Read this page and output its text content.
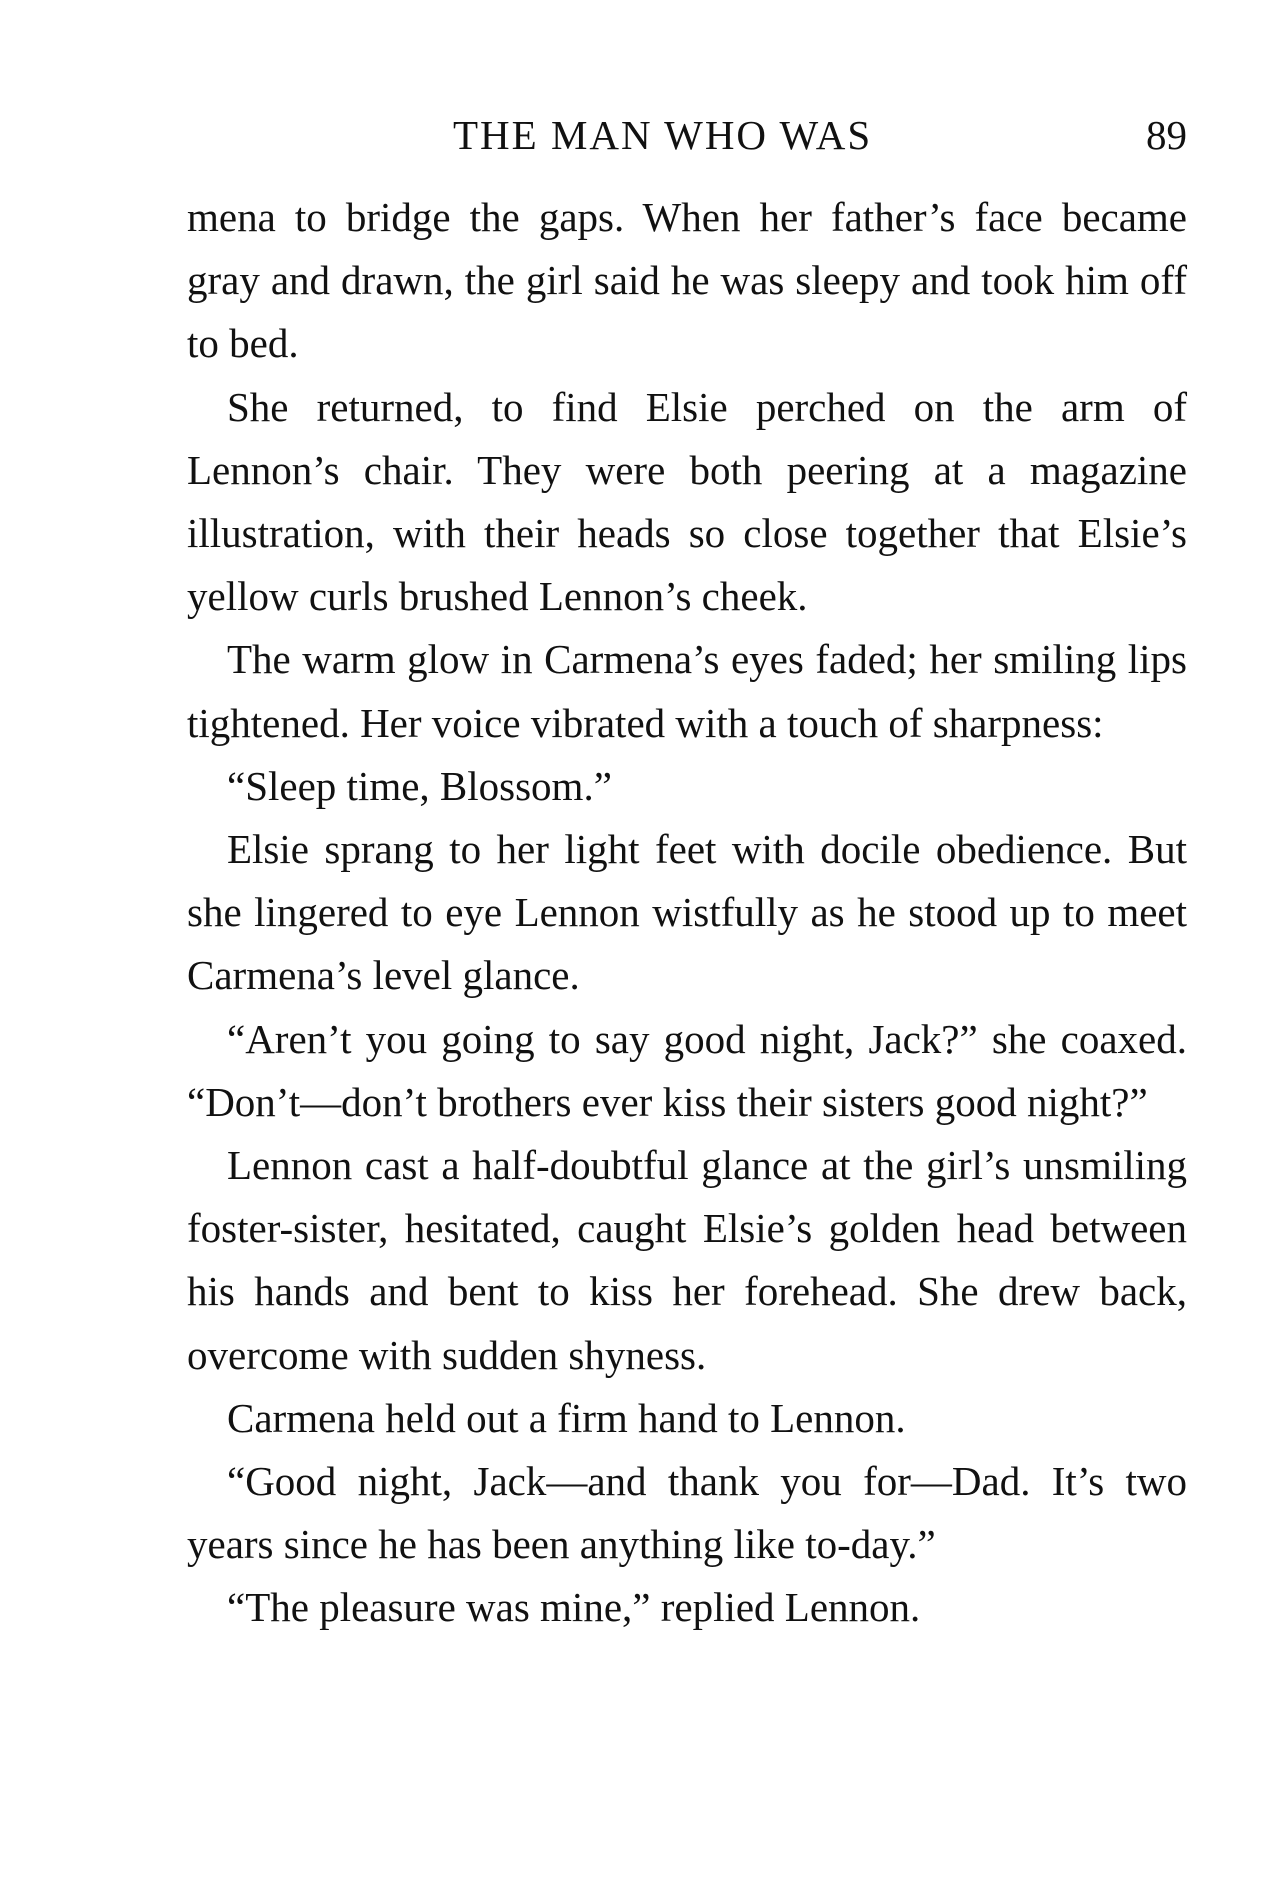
THE MAN WHO WAS	89

mena to bridge the gaps. When her father’s face became gray and drawn, the girl said he was sleepy and took him off to bed.

She returned, to find Elsie perched on the arm of Lennon’s chair. They were both peering at a magazine illustration, with their heads so close together that Elsie’s yellow curls brushed Lennon’s cheek.

The warm glow in Carmena’s eyes faded; her smiling lips tightened. Her voice vibrated with a touch of sharpness:

“Sleep time, Blossom.”

Elsie sprang to her light feet with docile obedience. But she lingered to eye Lennon wistfully as he stood up to meet Carmena’s level glance.

“Aren’t you going to say good night, Jack?” she coaxed. “Don’t—don’t brothers ever kiss their sisters good night?”

Lennon cast a half-doubtful glance at the girl’s unsmiling foster-sister, hesitated, caught Elsie’s golden head between his hands and bent to kiss her forehead. She drew back, overcome with sudden shyness.

Carmena held out a firm hand to Lennon.

“Good night, Jack—and thank you for—Dad. It’s two years since he has been anything like to-day.”

“The pleasure was mine,” replied Lennon.
